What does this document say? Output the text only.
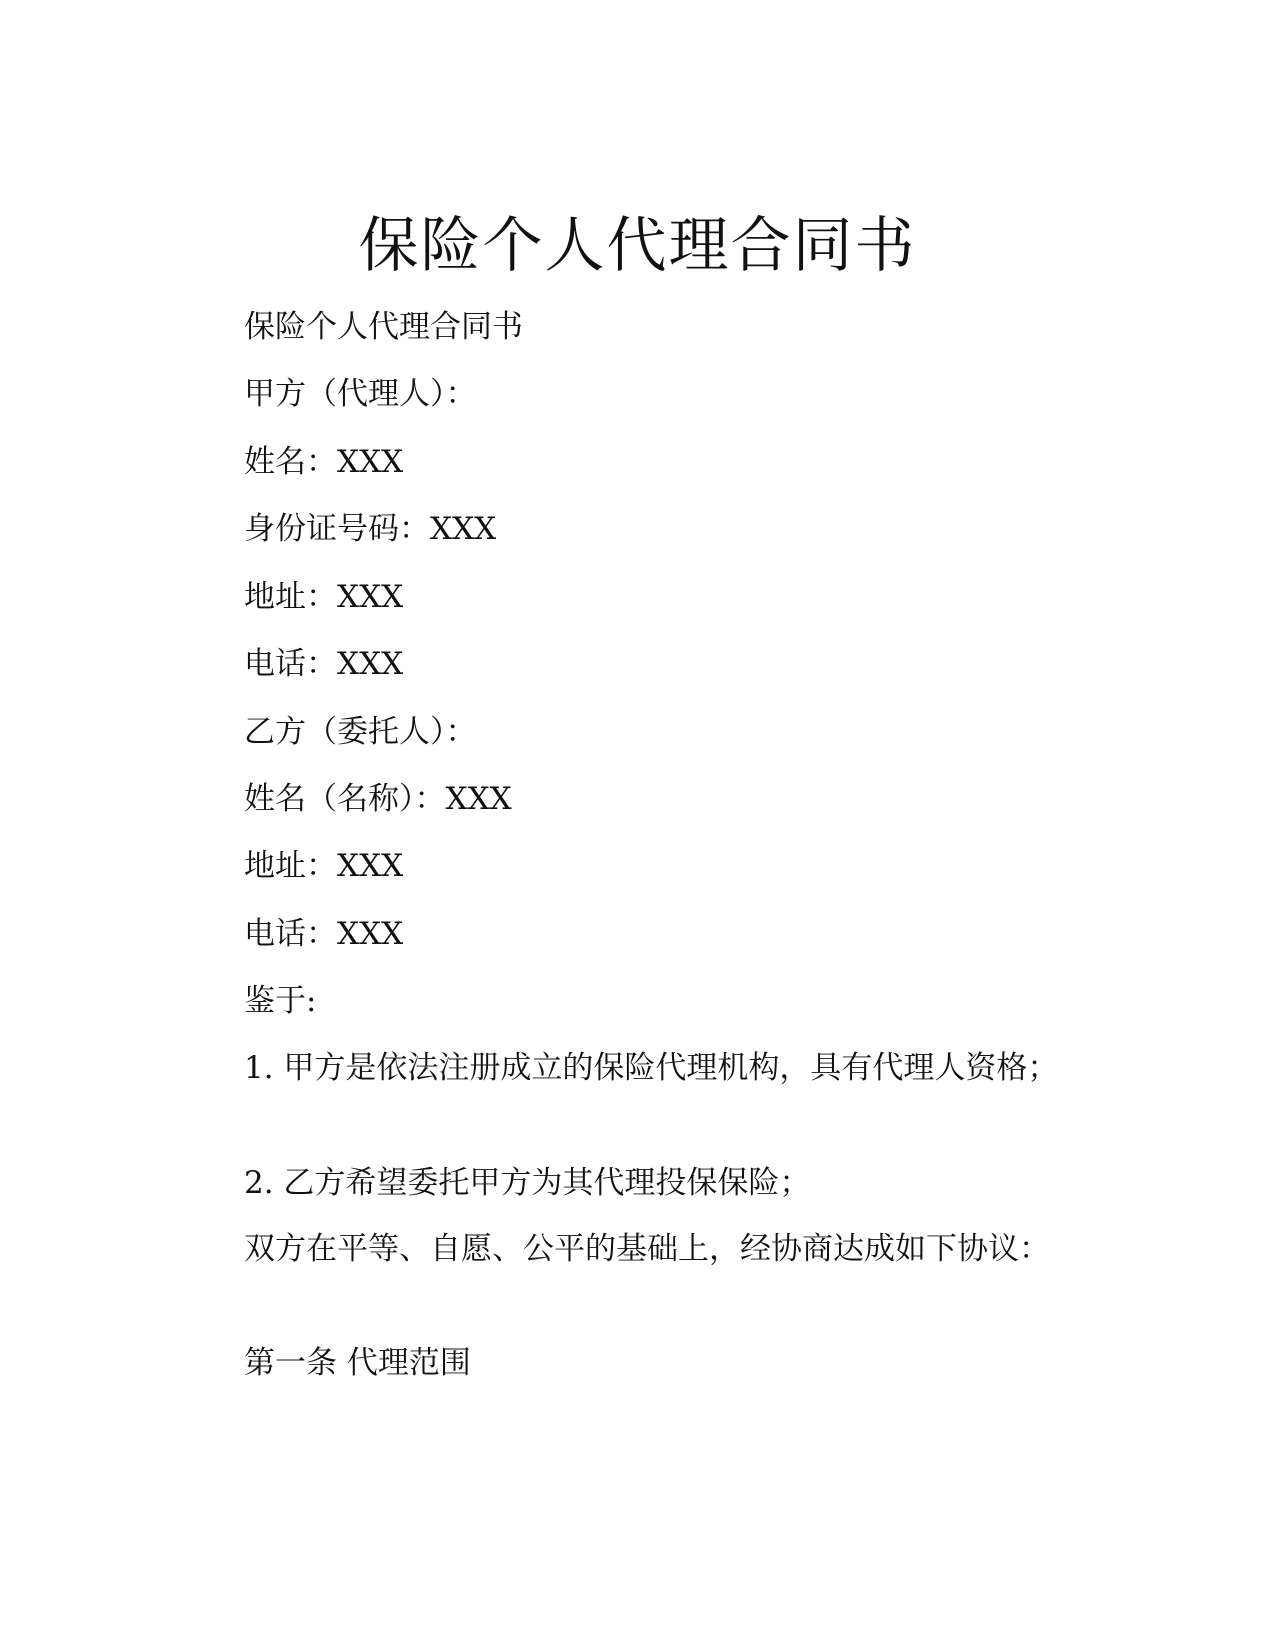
保险个人代理合同书
保险个人代理合同书
甲方（代理人）：
姓名：XXX
身份证号码：XXX
地址：XXX
电话：XXX
乙方（委托人）：
姓名（名称）：XXX
地址：XXX
电话：XXX
鉴于:
1. 甲方是依法注册成立的保险代理机构，具有代理人资格；
2. 乙方希望委托甲方为其代理投保保险；
双方在平等、自愿、公平的基础上，经协商达成如下协议：
第一条 代理范围
